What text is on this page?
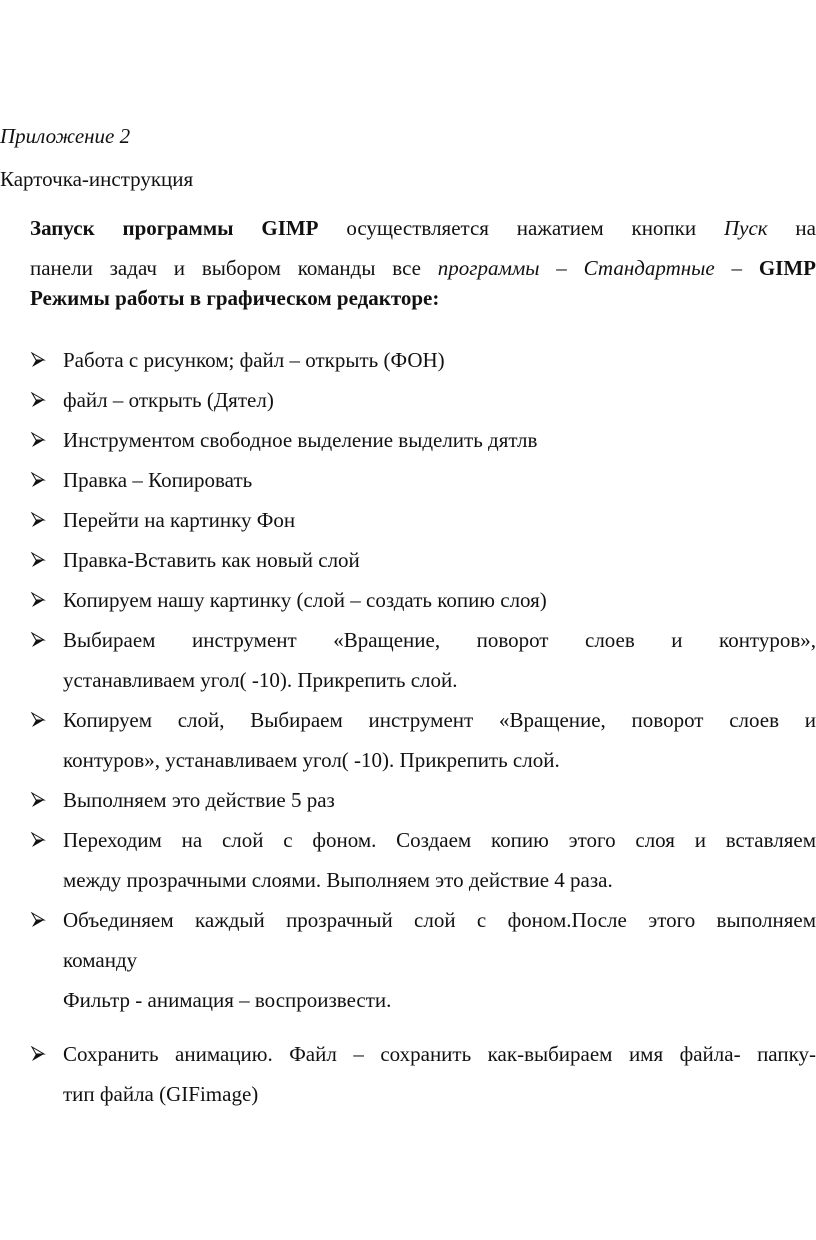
Приложение 2
Карточка-инструкция
Запуск программы GIMP осуществляется нажатием кнопки Пуск на
панели задач и выбором команды все программы – Стандартные – GIMP
Режимы работы в графическом редакторе:
Работа с рисунком; файл – открыть (ФОН)
файл – открыть (Дятел)
Инструментом свободное выделение выделить дятлв
Правка – Копировать
Перейти на картинку Фон
Правка-Вставить как новый слой
Копируем нашу картинку (слой – создать копию слоя)
Выбираем инструмент «Вращение, поворот слоев и контуров»,
устанавливаем угол( -10). Прикрепить слой.
Копируем слой, Выбираем инструмент «Вращение, поворот слоев и
контуров», устанавливаем угол( -10). Прикрепить слой.
Выполняем это действие 5 раз
Переходим на слой с фоном. Создаем копию этого слоя и вставляем
между прозрачными слоями. Выполняем это действие 4 раза.
Объединяем каждый прозрачный слой с фоном.После этого выполняем
команду
Фильтр - анимация – воспроизвести.
Сохранить анимацию. Файл – сохранить как-выбираем имя файла- папку-
тип файла (GIFimage)
